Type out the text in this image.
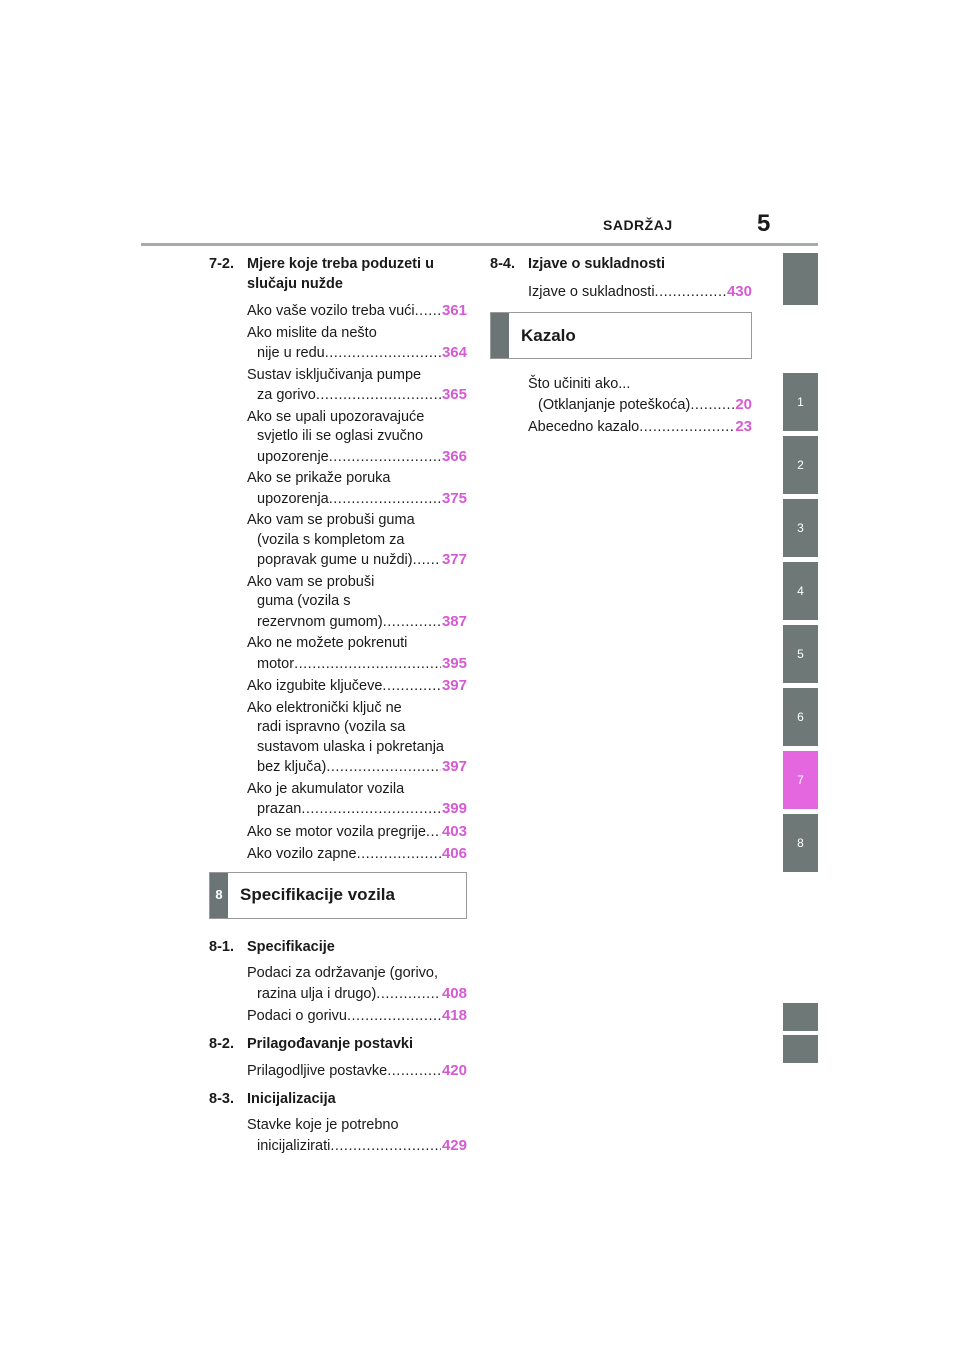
SADRŽAJ	5
7-2. Mjere koje treba poduzeti u
slučaju nužde
Ako vaše vozilo treba vući ..... 361
Ako mislite da nešto
nije u redu .....	364
Sustav isključivanja pumpe
za gorivo .....	365
Ako se upali upozoravajuće
svjetlo ili se oglasi zvučno
upozorenje .....	366
Ako se prikaže poruka
upozorenja .....	375
Ako vam se probuši guma
(vozila s kompletom za
popravak gume u nuždi) ..... 377
Ako vam se probuši
guma (vozila s
rezervnom gumom) .....	387
Ako ne možete pokrenuti
motor .....	395
Ako izgubite ključeve .....	397
Ako elektronički ključ ne
radi ispravno (vozila sa
sustavom ulaska i pokretanja
bez ključa) .....	397
Ako je akumulator vozila
prazan .....	399
Ako se motor vozila pregrije ..... 403
Ako vozilo zapne .....	406
8	Specifikacije vozila
8-1. Specifikacije
Podaci za održavanje (gorivo,
razina ulja i drugo) .....	408
Podaci o gorivu .....	418
8-2. Prilagođavanje postavki
Prilagodljive postavke .....	420
8-3. Inicijalizacija
Stavke koje je potrebno
inicijalizirati .....	429
8-4. Izjave o sukladnosti
Izjave o sukladnosti .....	430
Kazalo
Što učiniti ako...
(Otklanjanje poteškoća) .....	20
Abecedno kazalo .....	23
1
2
3
4
5
6
7
8
